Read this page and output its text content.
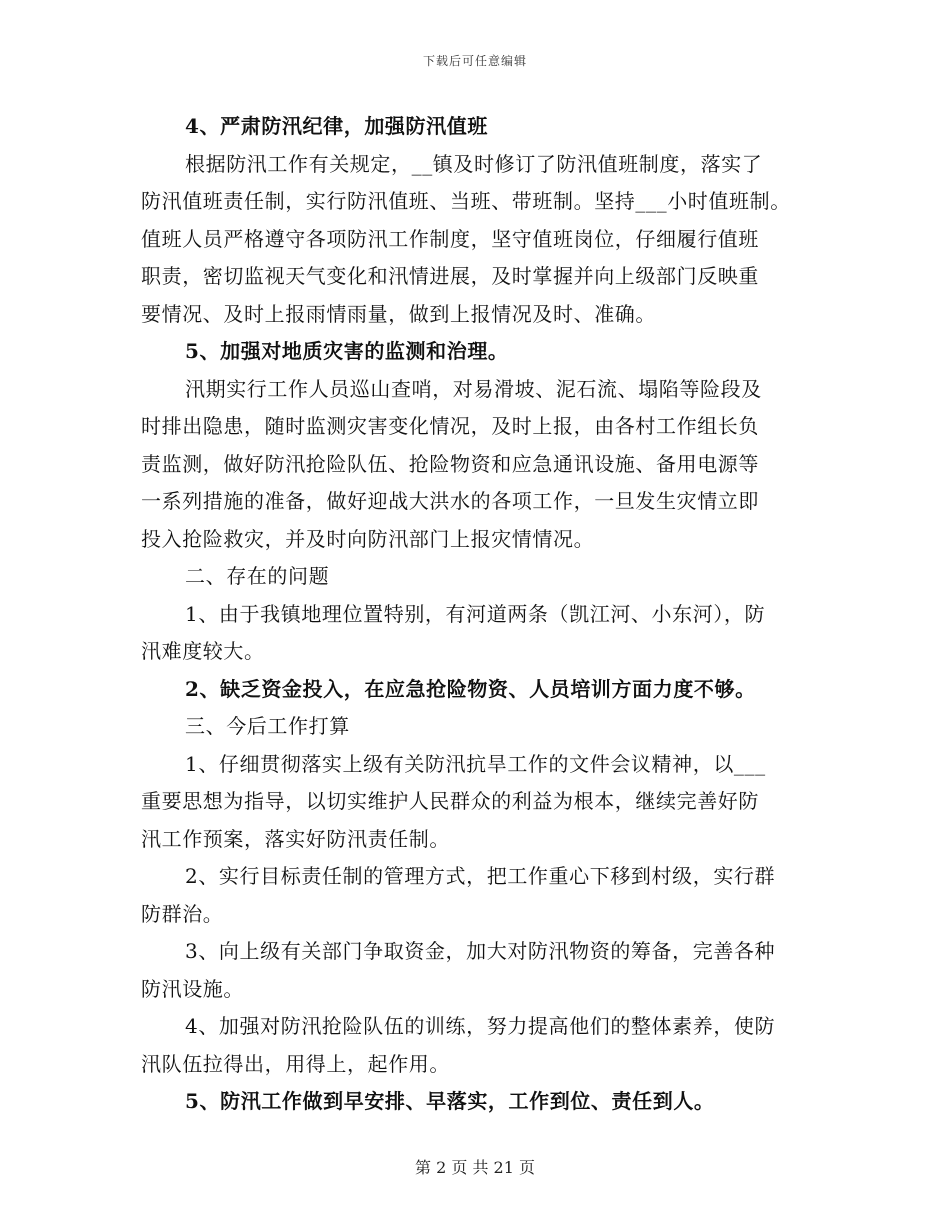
下载后可任意编辑
4、严肃防汛纪律，加强防汛值班
根据防汛工作有关规定，__镇及时修订了防汛值班制度，落实了
防汛值班责任制，实行防汛值班、当班、带班制。坚持___小时值班制。
值班人员严格遵守各项防汛工作制度，坚守值班岗位，仔细履行值班
职责，密切监视天气变化和汛情进展，及时掌握并向上级部门反映重
要情况、及时上报雨情雨量，做到上报情况及时、准确。
5、加强对地质灾害的监测和治理。
汛期实行工作人员巡山查哨，对易滑坡、泥石流、塌陷等险段及
时排出隐患，随时监测灾害变化情况，及时上报，由各村工作组长负
责监测，做好防汛抢险队伍、抢险物资和应急通讯设施、备用电源等
一系列措施的准备，做好迎战大洪水的各项工作，一旦发生灾情立即
投入抢险救灾，并及时向防汛部门上报灾情情况。
二、存在的问题
1、由于我镇地理位置特别，有河道两条（凯江河、小东河），防
汛难度较大。
2、缺乏资金投入，在应急抢险物资、人员培训方面力度不够。
三、今后工作打算
1、仔细贯彻落实上级有关防汛抗旱工作的文件会议精神，以___
重要思想为指导，以切实维护人民群众的利益为根本，继续完善好防
汛工作预案，落实好防汛责任制。
2、实行目标责任制的管理方式，把工作重心下移到村级，实行群
防群治。
3、向上级有关部门争取资金，加大对防汛物资的筹备，完善各种
防汛设施。
4、加强对防汛抢险队伍的训练，努力提高他们的整体素养，使防
汛队伍拉得出，用得上，起作用。
5、防汛工作做到早安排、早落实，工作到位、责任到人。
第 2 页 共 21 页
